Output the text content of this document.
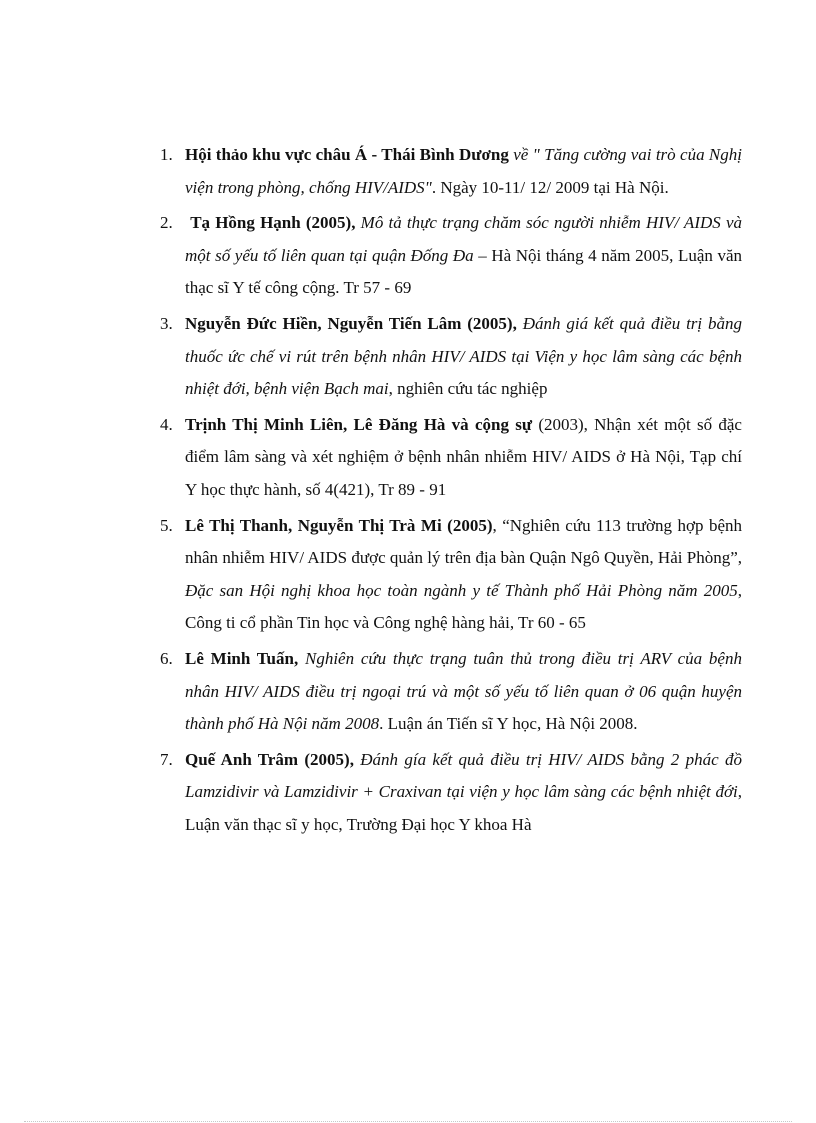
1. Hội thảo khu vực châu Á - Thái Bình Dương về " Tăng cường vai trò của Nghị viện trong phòng, chống HIV/AIDS". Ngày 10-11/ 12/ 2009 tại Hà Nội.
2. Tạ Hồng Hạnh (2005), Mô tả thực trạng chăm sóc người nhiễm HIV/ AIDS và một số yếu tố liên quan tại quận Đống Đa – Hà Nội tháng 4 năm 2005, Luận văn thạc sĩ Y tế công cộng. Tr 57 - 69
3. Nguyễn Đức Hiền, Nguyễn Tiến Lâm (2005), Đánh giá kết quả điều trị bằng thuốc ức chế vi rút trên bệnh nhân HIV/ AIDS tại Viện y học lâm sàng các bệnh nhiệt đới, bệnh viện Bạch mai, nghiên cứu tác nghiệp
4. Trịnh Thị Minh Liên, Lê Đăng Hà và cộng sự (2003), Nhận xét một số đặc điểm lâm sàng và xét nghiệm ở bệnh nhân nhiễm HIV/ AIDS ở Hà Nội, Tạp chí Y học thực hành, số 4(421), Tr 89 - 91
5. Lê Thị Thanh, Nguyễn Thị Trà Mi (2005), “Nghiên cứu 113 trường hợp bệnh nhân nhiễm HIV/ AIDS được quản lý trên địa bàn Quận Ngô Quyền, Hải Phòng”, Đặc san Hội nghị khoa học toàn ngành y tế Thành phố Hải Phòng năm 2005, Công ti cổ phần Tin học và Công nghệ hàng hải, Tr 60 - 65
6. Lê Minh Tuấn, Nghiên cứu thực trạng tuân thủ trong điều trị ARV của bệnh nhân HIV/ AIDS điều trị ngoại trú và một số yếu tố liên quan ở 06 quận huyện thành phố Hà Nội năm 2008. Luận án Tiến sĩ Y học, Hà Nội 2008.
7. Quế Anh Trâm (2005), Đánh gía kết quả điều trị HIV/ AIDS bằng 2 phác đồ Lamzidivir và Lamzidivir + Craxivan tại viện y học lâm sàng các bệnh nhiệt đới, Luận văn thạc sĩ y học, Trường Đại học Y khoa Hà
